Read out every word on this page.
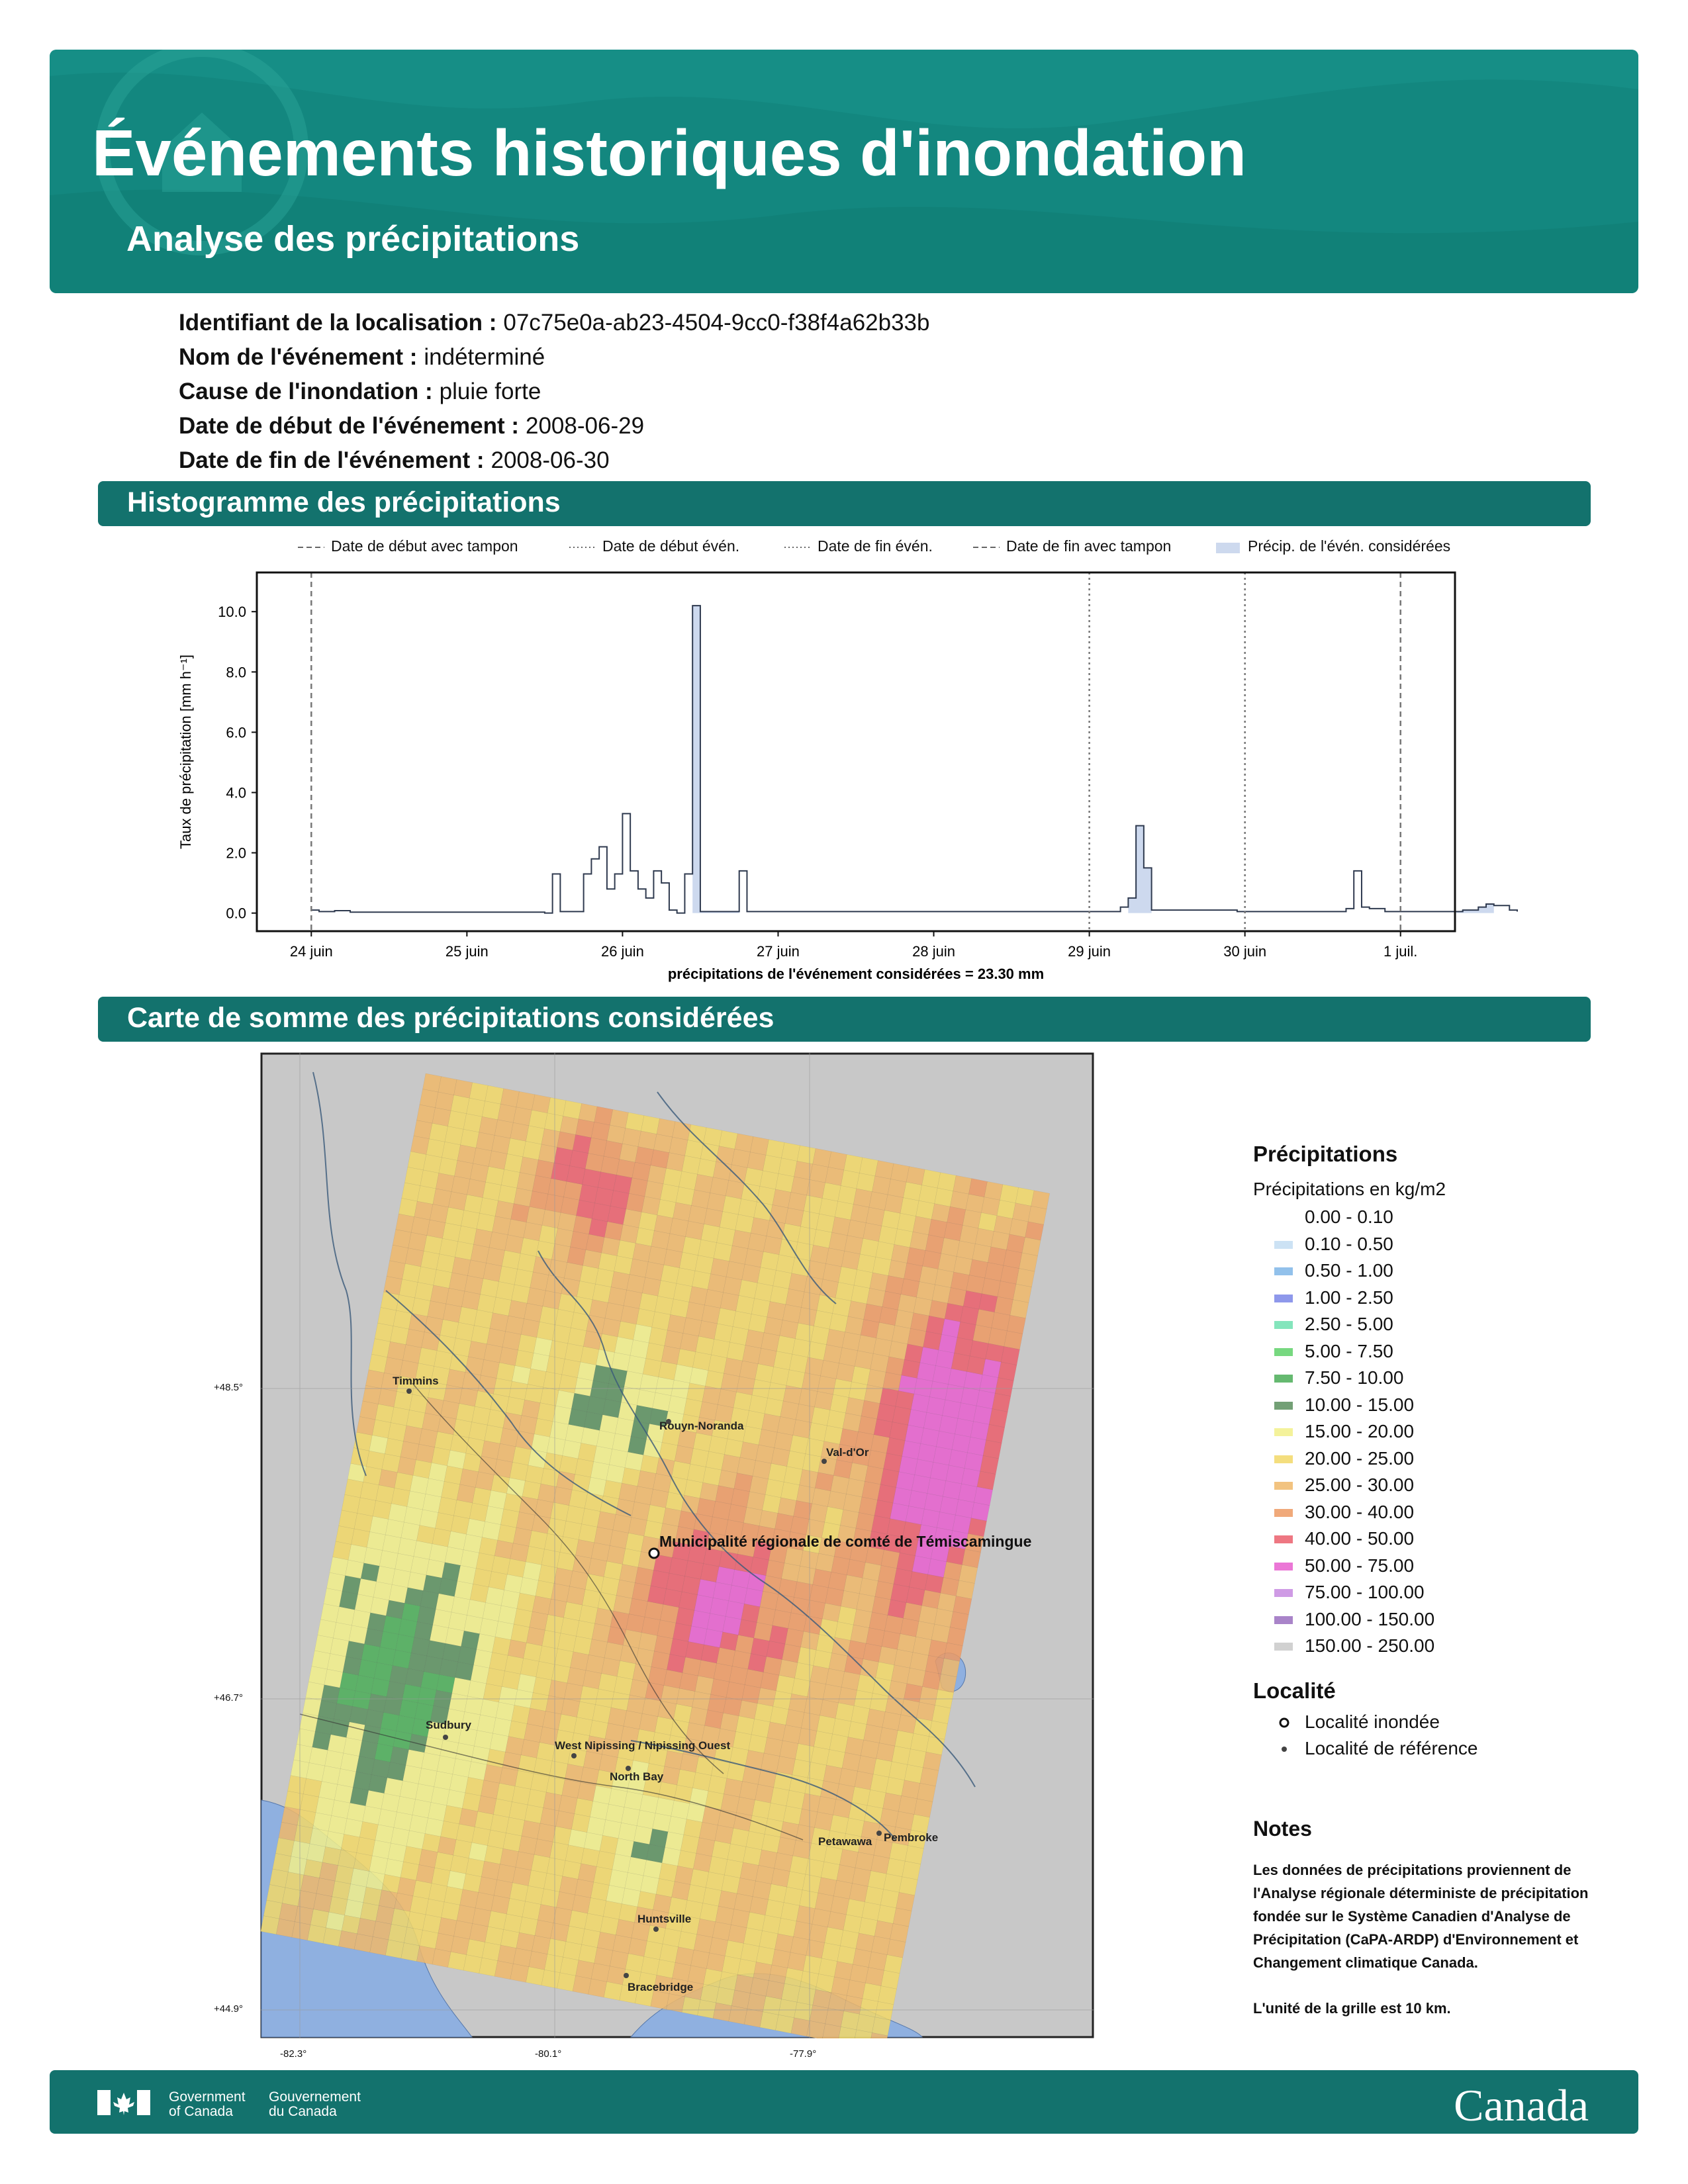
Événements historiques d'inondation
Analyse des précipitations
Identifiant de la localisation : 07c75e0a-ab23-4504-9cc0-f38f4a62b33b
Nom de l'événement : indéterminé
Cause de l'inondation : pluie forte
Date de début de l'événement : 2008-06-29
Date de fin de l'événement : 2008-06-30
Histogramme des précipitations
Date de début avec tampon	Date de début évén.	Date de fin évén.	Date de fin avec tampon	Précip. de l'évén. considérées
0.0
2.0
4.0
6.0
8.0
10.0
24 juin	25 juin	26 juin	27 juin	28 juin	29 juin	30 juin	1 juil.
Taux de précipitation [mm h⁻¹]
précipitations de l'événement considérées = 23.30 mm
Carte de somme des précipitations considérées
Timmins
Rouyn-Noranda
Val-d'Or
Municipalité régionale de comté de Témiscamingue
Sudbury
West Nipissing / Nipissing Ouest
North Bay
Petawawa Pembroke
Huntsville
Bracebridge
+48.5°
+46.7°
+44.9°
-82.3°	-80.1°	-77.9°
Précipitations
Précipitations en kg/m2
0.00 - 0.10
0.10 - 0.50
0.50 - 1.00
1.00 - 2.50
2.50 - 5.00
5.00 - 7.50
7.50 - 10.00
10.00 - 15.00
15.00 - 20.00
20.00 - 25.00
25.00 - 30.00
30.00 - 40.00
40.00 - 50.00
50.00 - 75.00
75.00 - 100.00
100.00 - 150.00
150.00 - 250.00
Localité
Localité inondée
Localité de référence
Notes
Les données de précipitations proviennent de l'Analyse régionale déterministe de précipitation fondée sur le Système Canadien d'Analyse de Précipitation (CaPA-ARDP) d'Environnement et Changement climatique Canada.
L'unité de la grille est 10 km.
Government
of Canada
Gouvernement
du Canada	Canada
